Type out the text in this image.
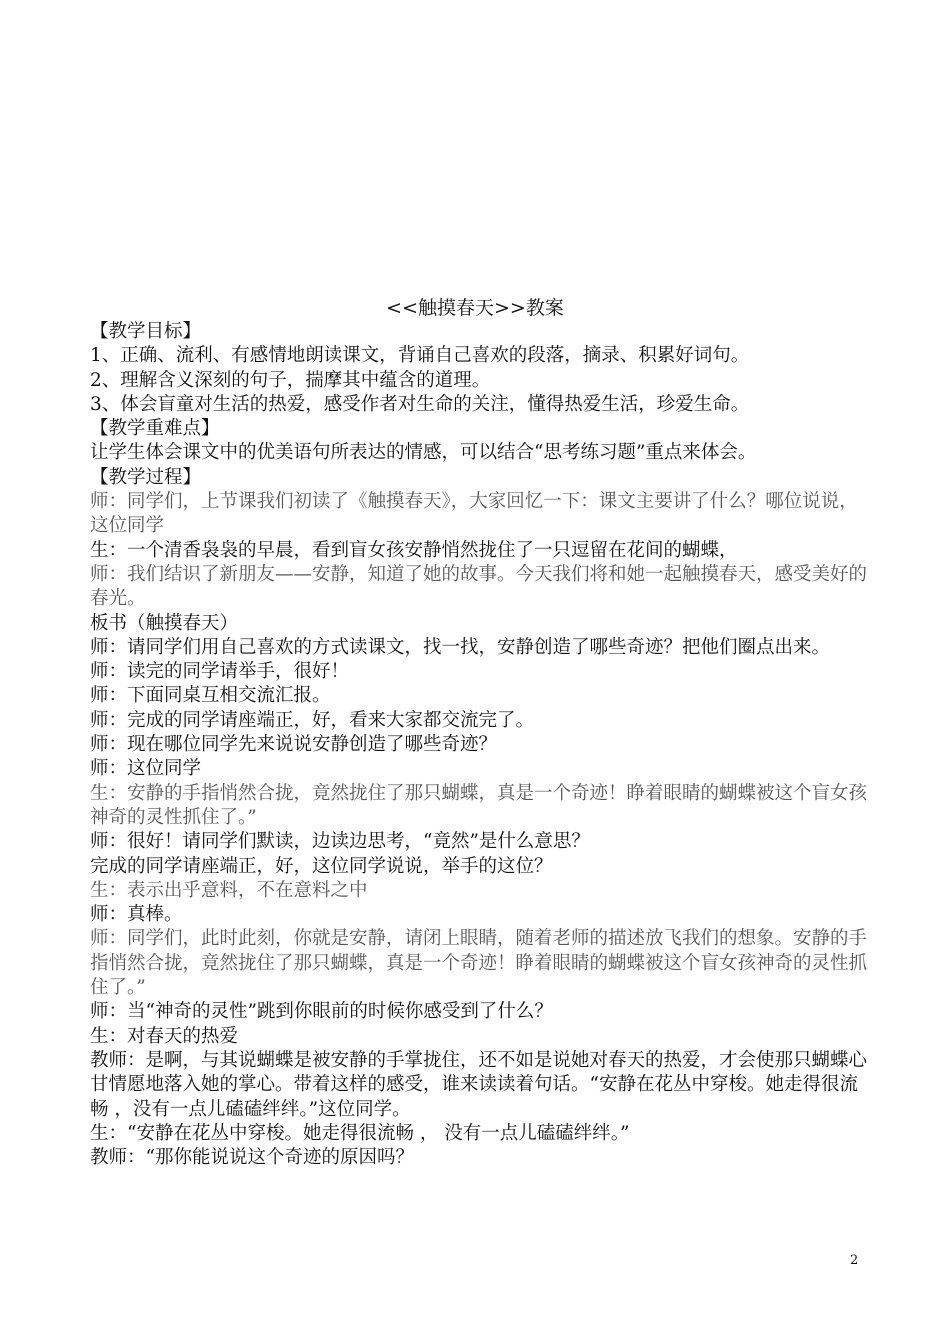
<<触摸春天>>教案

【教学目标】

1、正确、流利、有感情地朗读课文，背诵自己喜欢的段落，摘录、积累好词句。

2、理解含义深刻的句子，揣摩其中蕴含的道理。

3、体会盲童对生活的热爱，感受作者对生命的关注，懂得热爱生活，珍爱生命。

【教学重难点】

让学生体会课文中的优美语句所表达的情感，可以结合“思考练习题”重点来体会。

【教学过程】

师：同学们，上节课我们初读了《触摸春天》，大家回忆一下：课文主要讲了什么？哪位说说，这位同学

生：一个清香袅袅的早晨，看到盲女孩安静悄然拢住了一只逗留在花间的蝴蝶，

师：我们结识了新朋友——安静，知道了她的故事。今天我们将和她一起触摸春天，感受美好的春光。

板书（触摸春天）

师：请同学们用自己喜欢的方式读课文，找一找，安静创造了哪些奇迹？把他们圈点出来。

师：读完的同学请举手，很好！

师：下面同桌互相交流汇报。

师：完成的同学请座端正，好，看来大家都交流完了。

师：现在哪位同学先来说说安静创造了哪些奇迹？

师：这位同学

生：安静的手指悄然合拢，竟然拢住了那只蝴蝶，真是一个奇迹！睁着眼睛的蝴蝶被这个盲女孩神奇的灵性抓住了。”

师：很好！请同学们默读，边读边思考，“竟然”是什么意思？

完成的同学请座端正，好，这位同学说说，举手的这位？

生：表示出乎意料，不在意料之中

师：真棒。

师：同学们，此时此刻，你就是安静，请闭上眼睛，随着老师的描述放飞我们的想象。安静的手指悄然合拢，竟然拢住了那只蝴蝶，真是一个奇迹！睁着眼睛的蝴蝶被这个盲女孩神奇的灵性抓住了。”

师：当“神奇的灵性”跳到你眼前的时候你感受到了什么？

生：对春天的热爱

教师：是啊，与其说蝴蝶是被安静的手掌拢住，还不如是说她对春天的热爱，才会使那只蝴蝶心甘情愿地落入她的掌心。带着这样的感受，谁来读读着句话。“安静在花丛中穿梭。她走得很流畅 ，没有一点儿磕磕绊绊。”这位同学。

生：“安静在花丛中穿梭。她走得很流畅 ， 没有一点儿磕磕绊绊。”

教师：“那你能说说这个奇迹的原因吗？

2
